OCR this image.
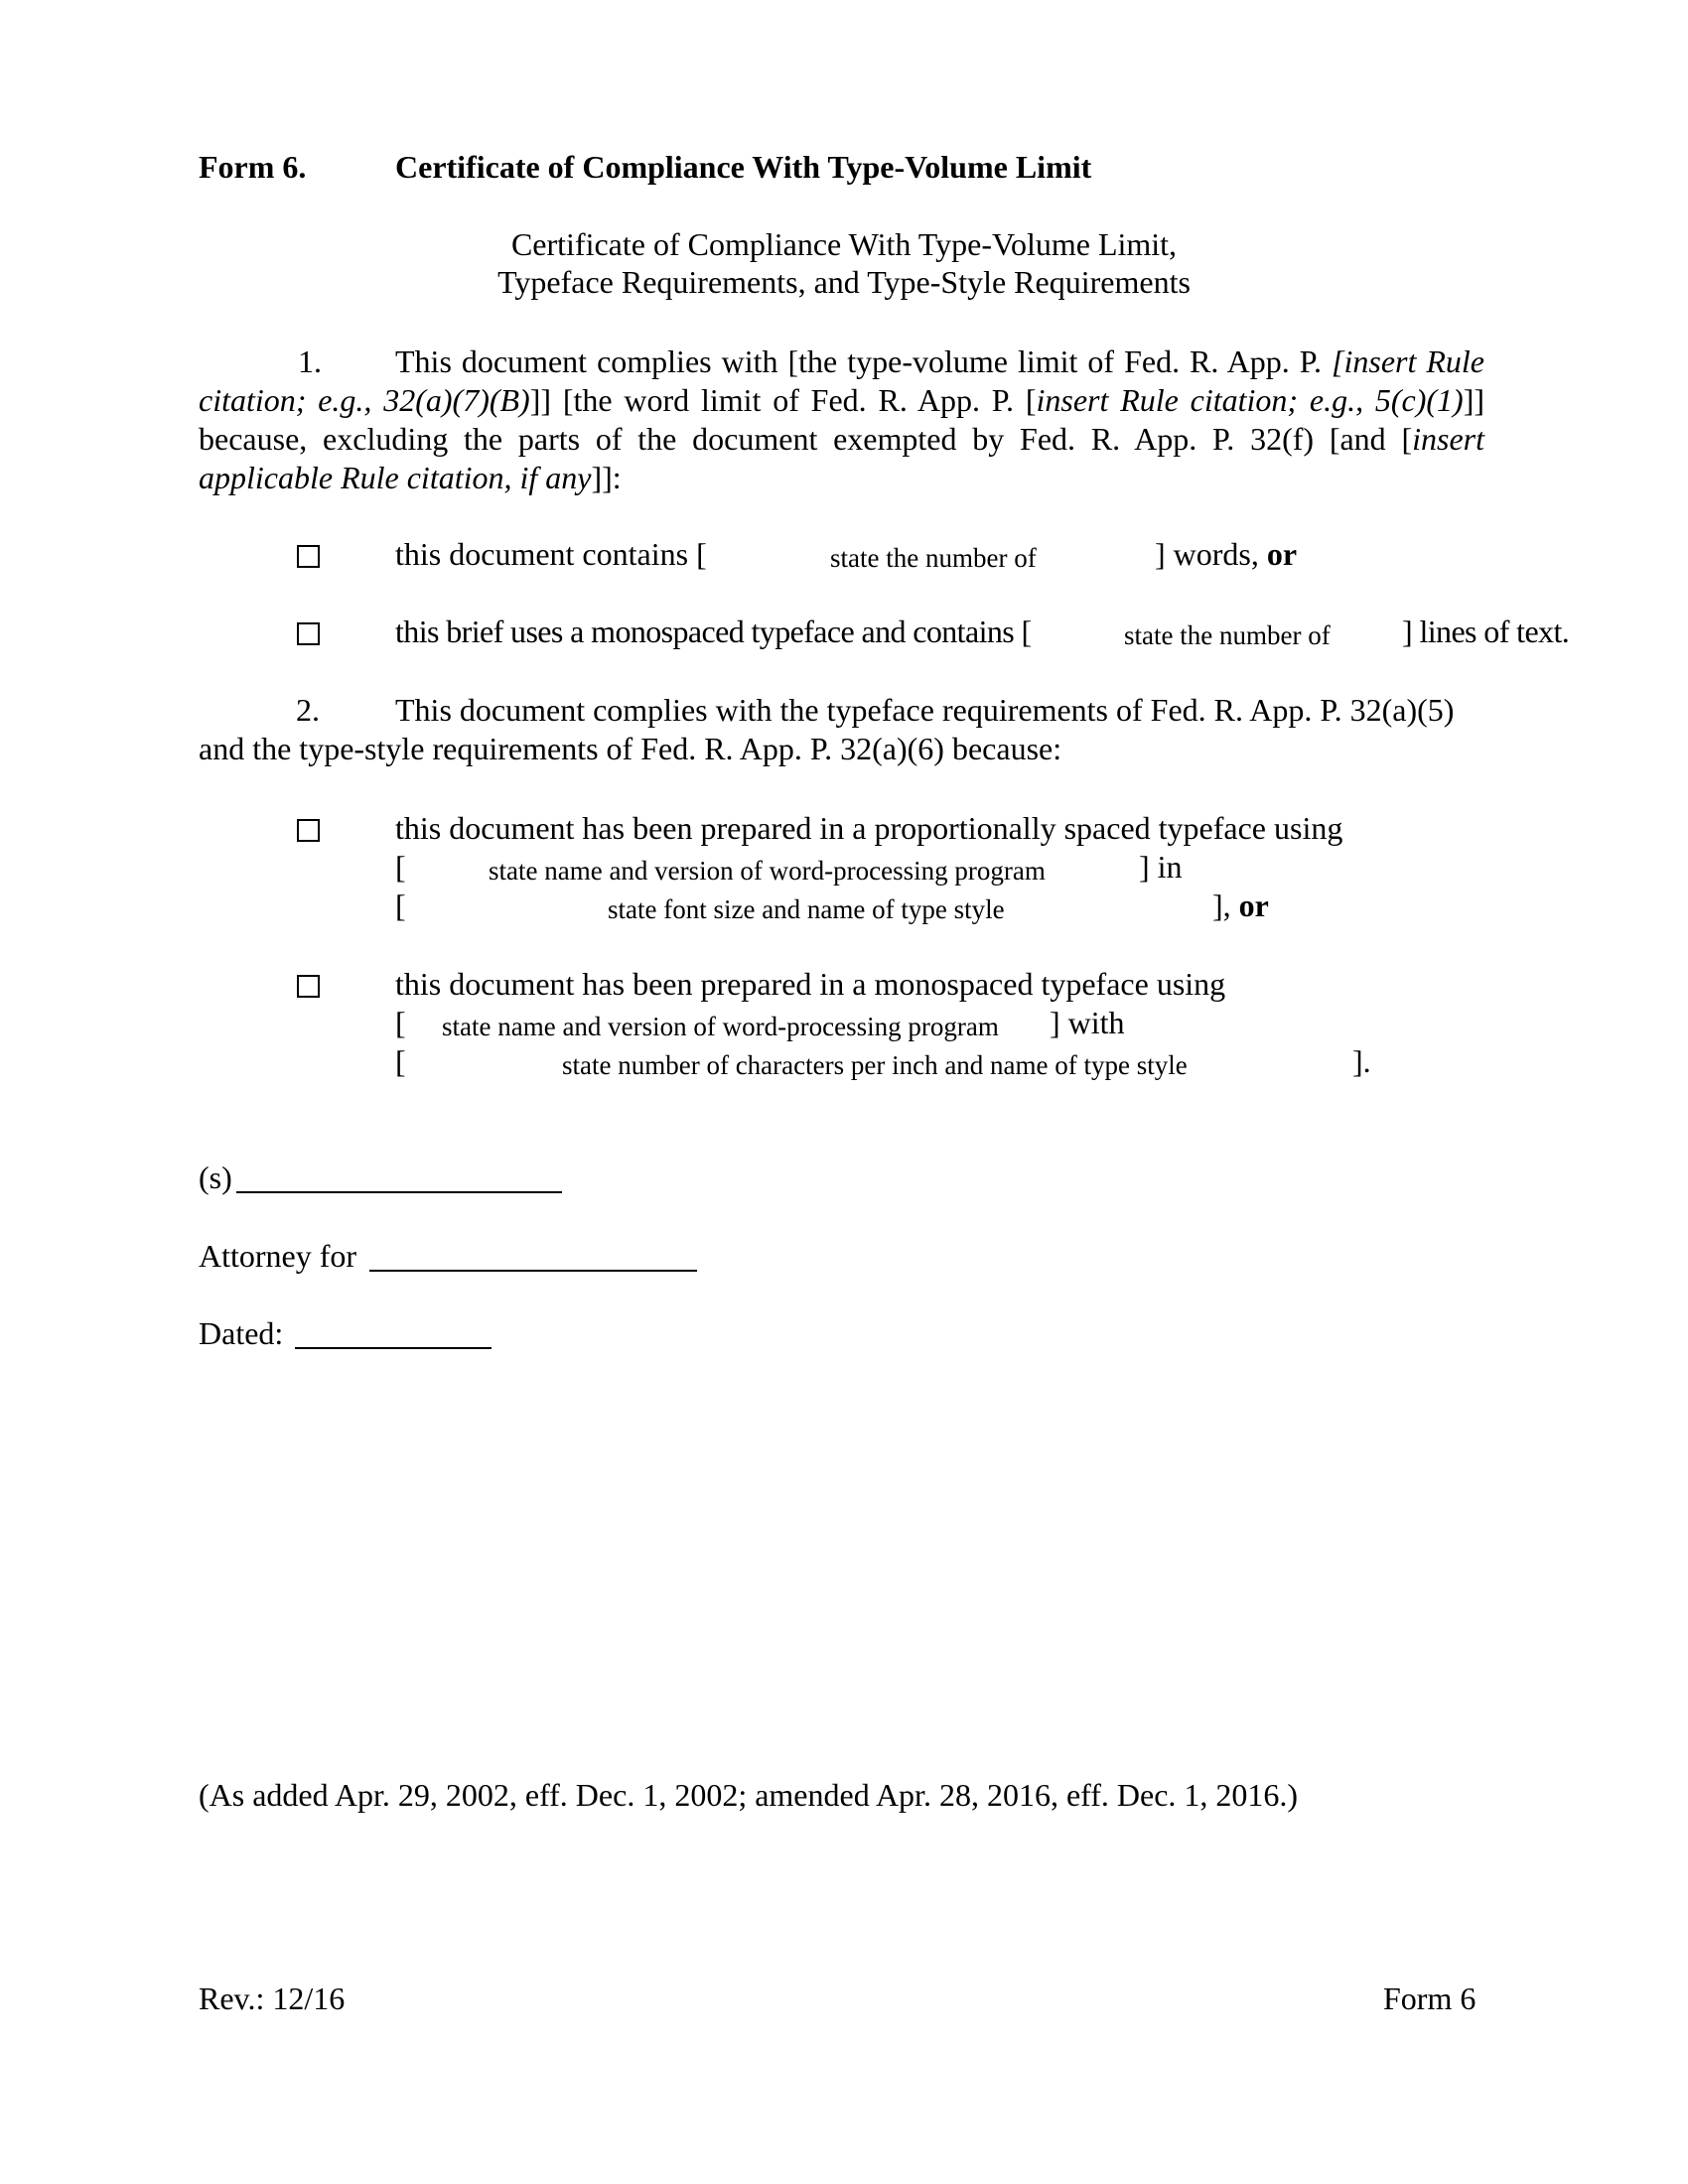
Form 6.	Certificate of Compliance With Type-Volume Limit
Certificate of Compliance With Type-Volume Limit,
Typeface Requirements, and Type-Style Requirements
1. This document complies with [the type-volume limit of Fed. R. App. P. [insert Rule citation; e.g., 32(a)(7)(B)]] [the word limit of Fed. R. App. P. [insert Rule citation; e.g., 5(c)(1)]] because, excluding the parts of the document exempted by Fed. R. App. P. 32(f) [and [insert applicable Rule citation, if any]]:
this document contains [	state the number of	] words, or
this brief uses a monospaced typeface and contains [	state the number of ] lines of text.
2. This document complies with the typeface requirements of Fed. R. App. P. 32(a)(5)
and the type-style requirements of Fed. R. App. P. 32(a)(6) because:
this document has been prepared in a proportionally spaced typeface using
[	state name and version of word-processing program	] in
[	state font size and name of type style	], or
this document has been prepared in a monospaced typeface using
[ state name and version of word-processing program ] with
[	state number of characters per inch and name of type style	].
(s)
Attorney for
Dated:
(As added Apr. 29, 2002, eff. Dec. 1, 2002; amended Apr. 28, 2016, eff. Dec. 1, 2016.)
Rev.: 12/16	Form 6
